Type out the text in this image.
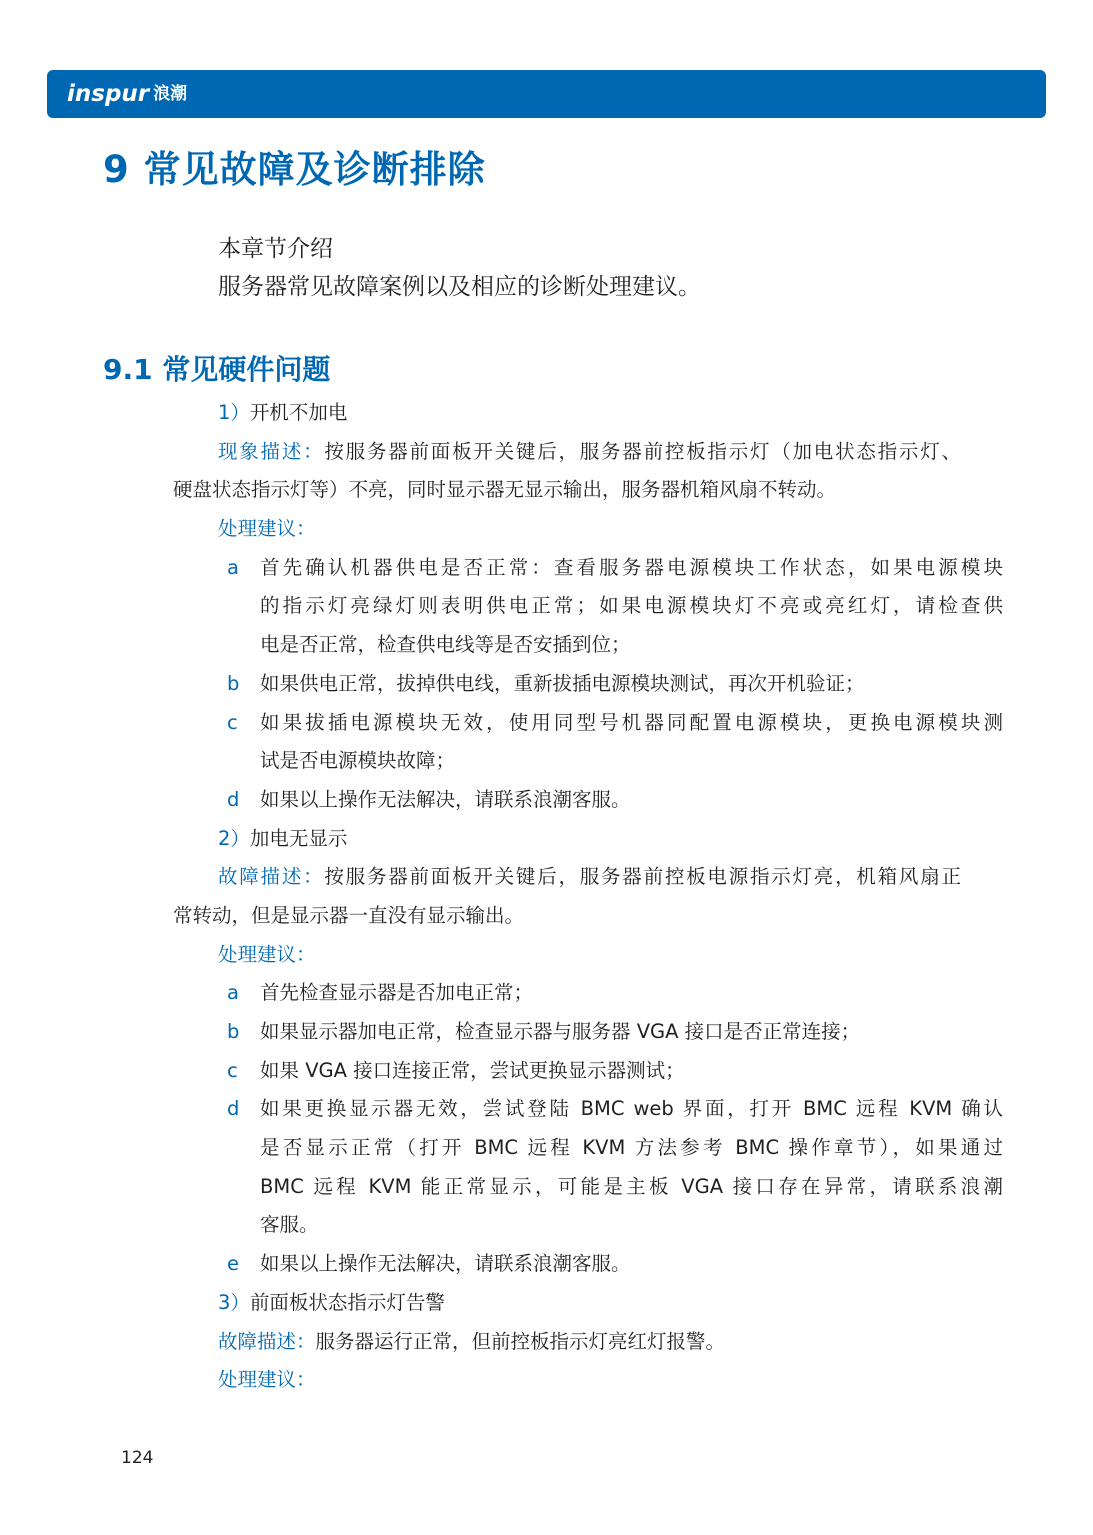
inspur 浪潮
9 常见故障及诊断排除
本章节介绍
服务器常见故障案例以及相应的诊断处理建议。
9.1 常见硬件问题
1）开机不加电
现象描述：按服务器前面板开关键后，服务器前控板指示灯（加电状态指示灯、
硬盘状态指示灯等）不亮，同时显示器无显示输出，服务器机箱风扇不转动。
处理建议：
a 首先确认机器供电是否正常：查看服务器电源模块工作状态，如果电源模块
的指示灯亮绿灯则表明供电正常；如果电源模块灯不亮或亮红灯，请检查供
电是否正常，检查供电线等是否安插到位；
b 如果供电正常，拔掉供电线，重新拔插电源模块测试，再次开机验证；
c 如果拔插电源模块无效，使用同型号机器同配置电源模块，更换电源模块测
试是否电源模块故障；
d 如果以上操作无法解决，请联系浪潮客服。
2）加电无显示
故障描述：按服务器前面板开关键后，服务器前控板电源指示灯亮，机箱风扇正
常转动，但是显示器一直没有显示输出。
处理建议：
a 首先检查显示器是否加电正常；
b 如果显示器加电正常，检查显示器与服务器 VGA 接口是否正常连接；
c 如果 VGA 接口连接正常，尝试更换显示器测试；
d 如果更换显示器无效，尝试登陆 BMC web 界面，打开 BMC 远程 KVM 确认
是否显示正常（打开 BMC 远程 KVM 方法参考 BMC 操作章节），如果通过
BMC 远程 KVM 能正常显示，可能是主板 VGA 接口存在异常，请联系浪潮
客服。
e 如果以上操作无法解决，请联系浪潮客服。
3）前面板状态指示灯告警
故障描述：服务器运行正常，但前控板指示灯亮红灯报警。
处理建议：
124
